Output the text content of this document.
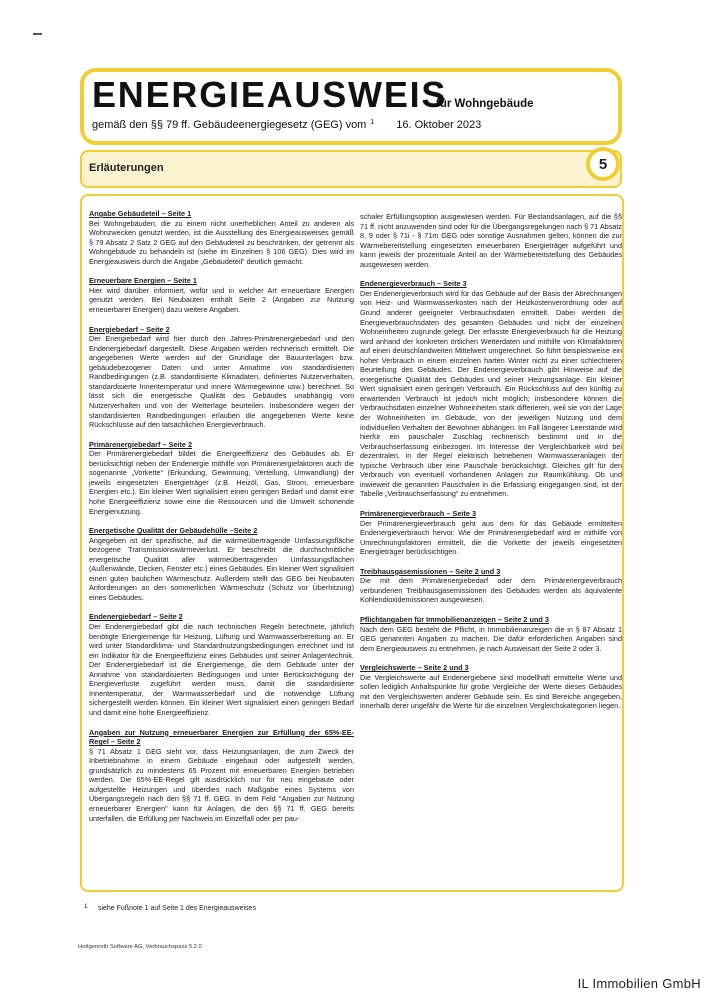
ENERGIEAUSWEIS
für Wohngebäude
gemäß den §§ 79 ff. Gebäudeenergiegesetz (GEG) vom $^1$ 16. Oktober 2023
Erläuterungen	5
Angabe Gebäudeteil – Seite 1

Bei Wohngebäuden, die zu einem nicht unerheblichen Anteil zu anderen als Wohnzwecken genutzt werden, ist die Ausstellung des Energieausweises gemäß § 79 Absatz 2 Satz 2 GEG auf den Gebäudeteil zu beschränken, der getrennt als Wohngebäude zu behandeln ist (siehe im Einzelnen § 106 GEG). Dies wird im Energieausweis durch die Angabe „Gebäudeteil“ deutlich gemacht.

Erneuerbare Energien – Seite 1

Hier wird darüber informiert, wofür und in welcher Art erneuerbare Energien genutzt werden. Bei Neubauten enthält Seite 2 (Angaben zur Nutzung erneuerbarer Energien) dazu weitere Angaben.

Energiebedarf – Seite 2

Der Energiebedarf wird hier durch den Jahres-Primärenergiebedarf und den Endenergiebedarf dargestellt. Diese Angaben werden rechnerisch ermittelt. Die angegebenen Werte werden auf der Grundlage der Bauunterlagen bzw. gebäudebezogener Daten und unter Annahme von standardisierten Randbedingungen (z.B. standardisierte Klimadaten, definiertes Nutzerverhalten, standardisierte Innentemperatur und innere Wärmegewinne usw.) berechnet. So lässt sich die energetische Qualität des Gebäudes unabhängig vom Nutzerverhalten und von der Wetterlage beurteilen. Insbesondere wegen der standardisierten Randbedingungen erlauben die angegebenen Werte keine Rückschlüsse auf den tatsächlichen Energieverbrauch.

Primärenergiebedarf – Seite 2

Der Primärenergiebedarf bildet die Energieeffizienz des Gebäudes ab. Er berücksichtigt neben der Endenergie mithilfe von Primärenergiefaktoren auch die sogenannte „Vorkette“ (Erkundung, Gewinnung, Verteilung, Umwandlung) der jeweils eingesetzten Energieträger (z.B. Heizöl, Gas, Strom, erneuerbare Energien etc.). Ein kleiner Wert signalisiert einen geringen Bedarf und damit eine hohe Energieeffizienz sowie eine die Ressourcen und die Umwelt schonende Energienutzung.

Energetische Qualität der Gebäudehülle –Seite 2

Angegeben ist der spezifische, auf die wärmeübertragende Umfassungsfläche bezogene Transmissionswärmeverlust. Er beschreibt die durchschnittliche energetische Qualität aller wärmeübertragenden Umfassungsflächen (Außenwände, Decken, Fenster etc.) eines Gebäudes. Ein kleiner Wert signalisiert einen guten baulichen Wärmeschutz. Außerdem stellt das GEG bei Neubauten Anforderungen an den sommerlichen Wärmeschutz (Schutz vor Überhitzung) eines Gebäudes.

Endenergiebedarf – Seite 2

Der Endenergiebedarf gibt die nach technischen Regeln berechnete, jährlich benötigte Energiemenge für Heizung, Lüftung und Warmwasserbereitung an. Er wird unter Standardklima- und Standardnutzungsbedingungen errechnet und ist ein Indikator für die Energieeffizienz eines Gebäudes und seiner Anlagentechnik. Der Endenergiebedarf ist die Energiemenge, die dem Gebäude unter der Annahme von standardisierten Bedingungen und unter Berücksichtigung der Energieverluste zugeführt werden muss, damit die standardisierte Innentemperatur, der Warmwasserbedarf und die notwendige Lüftung sichergestellt werden können. Ein kleiner Wert signalisiert einen geringen Bedarf und damit eine hohe Energieeffizienz.

Angaben zur Nutzung erneuerbarer Energien zur Erfüllung der 65%-EE-Regel – Seite 2

§ 71 Absatz 1 GEG sieht vor, dass Heizungsanlagen, die zum Zweck der Inbetriebnahme in einem Gebäude eingebaut oder aufgestellt werden, grundsätzlich zu mindestens 65 Prozent mit erneuerbaren Energien betrieben werden. Die 65%-EE-Regel gilt ausdrücklich nur für neu eingebaute oder aufgestellte Heizungen und überdies nach Maßgabe eines Systems von Übergangsregeln nach den §§ 71 ff. GEG. In dem Feld "Angaben zur Nutzung erneuerbarer Energien" kann für Anlagen, die den §§ 71 ff. GEG bereits unterfallen, die Erfüllung per Nachweis im Einzelfall oder per pau-

schaler Erfüllungsoption ausgewiesen werden. Für Bestandsanlagen, auf die §§ 71 ff. nicht anzuwenden sind oder für die Übergangsregelungen nach § 71 Absatz 8, 9 oder § 71i - § 71m GEG oder sonstige Ausnahmen gelten, können die zur Wärmebereitstellung eingesetzten erneuerbaren Energieträger aufgeführt und kann jeweils der prozentuale Anteil an der Wärmebereitstellung des Gebäudes ausgewiesen werden.

Endenergieverbrauch – Seite 3

Der Endenergieverbrauch wird für das Gebäude auf der Basis der Abrechnungen von Heiz- und Warmwasserkosten nach der Heizkostenverordnung oder auf Grund anderer geeigneter Verbrauchsdaten ermittelt. Dabei werden die Energieverbrauchsdaten des gesamten Gebäudes und nicht der einzelnen Wohneinheiten zugrunde gelegt. Der erfasste Energieverbrauch für die Heizung wird anhand der konkreten örtlichen Wetterdaten und mithilfe von Klimafaktoren auf einen deutschlandweiten Mittelwert umgerechnet. So führt beispielsweise ein hoher Verbrauch in einem einzelnen harten Winter nicht zu einer schlechteren Beurteilung des Gebäudes. Der Endenergieverbrauch gibt Hinweise auf die energetische Qualität des Gebäudes und seiner Heizungsanlage. Ein kleiner Wert signalisiert einen geringen Verbrauch. Ein Rückschluss auf den künftig zu erwartenden Verbrauch ist jedoch nicht möglich; insbesondere können die Verbrauchsdaten einzelner Wohneinheiten stark differieren, weil sie von der Lage der Wohneinheiten im Gebäude, von der jeweiligen Nutzung und dem individuellen Verhalten der Bewohner abhängen. Im Fall längerer Leerstände wird hierfür ein pauschaler Zuschlag rechnerisch bestimmt und in die Verbrauchserfassung einbezogen. Im Interesse der Vergleichbarkeit wird bei dezentralen, in der Regel elektrisch betriebenen Warmwasseranlagen der typische Verbrauch über eine Pauschale berücksichtigt. Gleiches gilt für den Verbrauch von eventuell vorhandenen Anlagen zur Raumkühlung. Ob und inwieweit die genannten Pauschalen in die Erfassung eingegangen sind, ist der Tabelle „Verbrauchserfassung“ zu entnehmen.

Primärenergieverbrauch – Seite 3

Der Primärenergieverbrauch geht aus dem für das Gebäude ermittelten Endenergieverbrauch hervor. Wie der Primärenergiebedarf wird er mithilfe von Umrechnungsfaktoren ermittelt, die die Vorkette der jeweils eingesetzten Energieträger berücksichtigen.

Treibhausgasemissionen – Seite 2 und 3

Die mit dem Primärenergiebedarf oder dem Primärenergieverbrauch verbundenen Treibhausgasemissionen des Gebäudes werden als äquivalente Kohlendioxidemissionen ausgewiesen.

Pflichtangaben für Immobilienanzeigen – Seite 2 und 3

Nach dem GEG besteht die Pflicht, in Immobilienanzeigen die in § 87 Absatz 1 GEG genannten Angaben zu machen. Die dafür erforderlichen Angaben sind dem Energieausweis zu entnehmen, je nach Ausweisart der Seite 2 oder 3.

Vergleichswerte – Seite 2 und 3

Die Vergleichswerte auf Endenergiebene sind modellhaft ermittelte Werte und sollen lediglich Anhaltspunkte für grobe Vergleiche der Werte dieses Gebäudes mit den Vergleichswerten anderer Gebäude sein. Es sind Bereiche angegeben, innerhalb derer ungefähr die Werte für die einzelnen Vergleichskategorien liegen.

1 siehe Fußnote 1 auf Seite 1 des Energieausweises
Hottgenroth Software AG, Verbrauchspass 5.2.0
IL Immobilien GmbH
